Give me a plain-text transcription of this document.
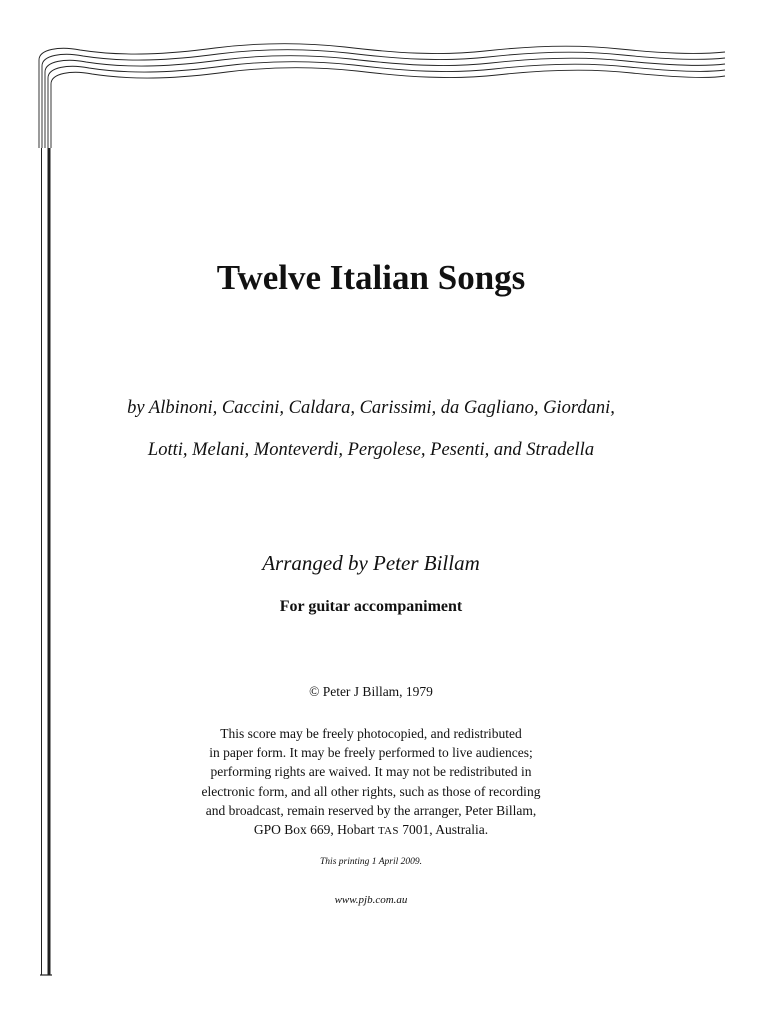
Twelve Italian Songs
by Albinoni, Caccini, Caldara, Carissimi, da Gagliano, Giordani,
Lotti, Melani, Monteverdi, Pergolese, Pesenti, and Stradella
Arranged by Peter Billam
For guitar accompaniment
© Peter J Billam, 1979
This score may be freely photocopied, and redistributed
in paper form. It may be freely performed to live audiences;
performing rights are waived. It may not be redistributed in
electronic form, and all other rights, such as those of recording
and broadcast, remain reserved by the arranger, Peter Billam,
GPO Box 669, Hobart TAS 7001, Australia.
This printing 1 April 2009.
www.pjb.com.au
